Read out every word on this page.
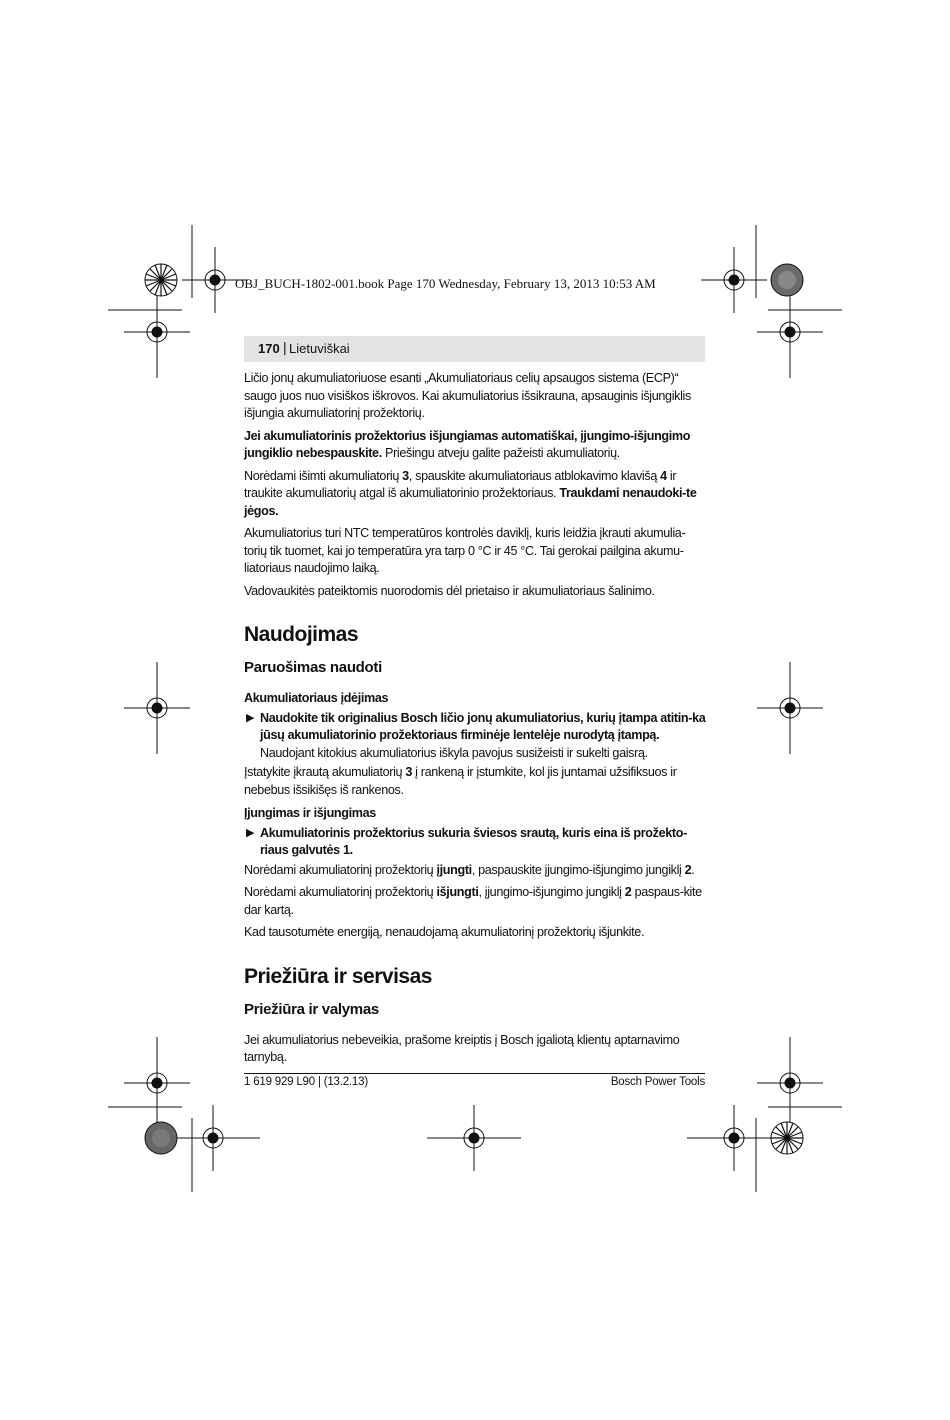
OBJ_BUCH-1802-001.book Page 170 Wednesday, February 13, 2013 10:53 AM
170 | Lietuviškai

Ličio jonų akumuliatoriuose esanti „Akumuliatoriaus celių apsaugos sistema (ECP)“ saugo juos nuo visiškos iškrovos. Kai akumuliatorius išsikrauna, apsauginis išjungiklis išjungia akumuliatorinį prožektorių.

Jei akumuliatorinis prožektorius išjungiamas automatiškai, įjungimo-išjungimo jungiklio nebespauskite. Priešingu atveju galite pažeisti akumuliatorių.

Norėdami išimti akumuliatorių 3, spauskite akumuliatoriaus atblokavimo klavišą 4 ir traukite akumuliatorių atgal iš akumuliatorinio prožektoriaus. Traukdami nenaudoki-te jėgos.

Akumuliatorius turi NTC temperatūros kontrolės daviklį, kuris leidžia įkrauti akumulia-torių tik tuomet, kai jo temperatūra yra tarp 0 °C ir 45 °C. Tai gerokai pailgina akumu-liatoriaus naudojimo laiką.

Vadovaukitės pateiktomis nuorodomis dėl prietaiso ir akumuliatoriaus šalinimo.

Naudojimas
Paruošimas naudoti
Akumuliatoriaus įdėjimas
▶ Naudokite tik originalius Bosch ličio jonų akumuliatorius, kurių įtampa atitin-ka jūsų akumuliatorinio prožektoriaus firminėje lentelėje nurodytą įtampą.
Naudojant kitokius akumuliatorius iškyla pavojus susižeisti ir sukelti gaisrą.

Įstatykite įkrautą akumuliatorių 3 į rankeną ir įstumkite, kol jis juntamai užsifiksuos ir nebebus išsikišęs iš rankenos.

Įjungimas ir išjungimas
▶ Akumuliatorinis prožektorius sukuria šviesos srautą, kuris eina iš prožekto-riaus galvutės 1.

Norėdami akumuliatorinį prožektorių įjungti, paspauskite įjungimo-išjungimo jungiklį 2.

Norėdami akumuliatorinį prožektorių išjungti, įjungimo-išjungimo jungiklį 2 paspaus-kite dar kartą.

Kad tausotumėte energiją, nenaudojamą akumuliatorinį prožektorių išjunkite.

Priežiūra ir servisas
Priežiūra ir valymas

Jei akumuliatorius nebeveikia, prašome kreiptis į Bosch įgaliotą klientų aptarnavimo tarnybą.

1 619 929 L90 | (13.2.13)	Bosch Power Tools
